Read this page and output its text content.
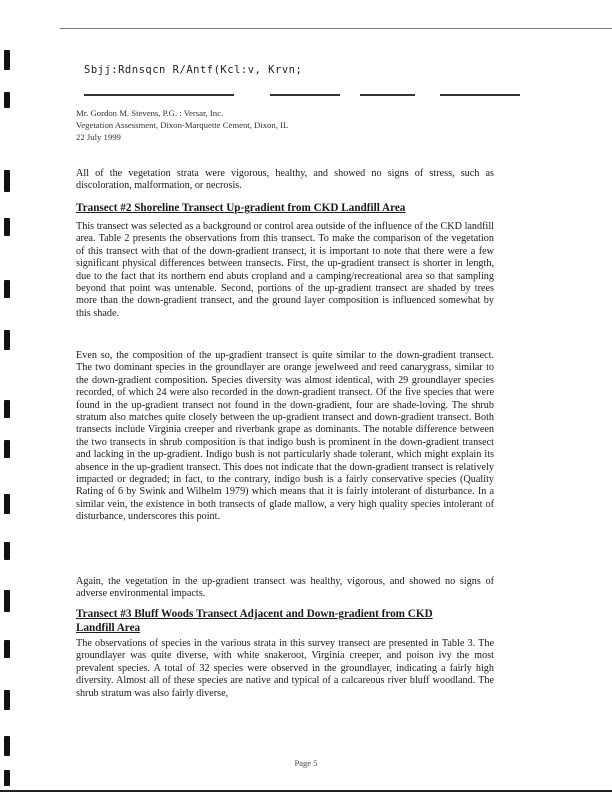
Sbjj:Rdnsqcn R/Antf(Kcl:v, Krvn;
Mr. Gordon M. Stevens, P.G. : Versar, Inc.
Vegetation Assessment, Dixon-Marquette Cement, Dixon, IL
22 July 1999
All of the vegetation strata were vigorous, healthy, and showed no signs of stress, such as discoloration, malformation, or necrosis.
Transect #2 Shoreline Transect Up-gradient from CKD Landfill Area
This transect was selected as a background or control area outside of the influence of the CKD landfill area. Table 2 presents the observations from this transect. To make the comparison of the vegetation of this transect with that of the down-gradient transect, it is important to note that there were a few significant physical differences between transects. First, the up-gradient transect is shorter in length, due to the fact that its northern end abuts cropland and a camping/recreational area so that sampling beyond that point was untenable. Second, portions of the up-gradient transect are shaded by trees more than the down-gradient transect, and the ground layer composition is influenced somewhat by this shade.
Even so, the composition of the up-gradient transect is quite similar to the down-gradient transect. The two dominant species in the groundlayer are orange jewelweed and reed canarygrass, similar to the down-gradient composition. Species diversity was almost identical, with 29 groundlayer species recorded, of which 24 were also recorded in the down-gradient transect. Of the five species that were found in the up-gradient transect not found in the down-gradient, four are shade-loving. The shrub stratum also matches quite closely between the up-gradient transect and down-gradient transect. Both transects include Virginia creeper and riverbank grape as dominants. The notable difference between the two transects in shrub composition is that indigo bush is prominent in the down-gradient transect and lacking in the up-gradient. Indigo bush is not particularly shade tolerant, which might explain its absence in the up-gradient transect. This does not indicate that the down-gradient transect is relatively impacted or degraded; in fact, to the contrary, indigo bush is a fairly conservative species (Quality Rating of 6 by Swink and Wilhelm 1979) which means that it is fairly intolerant of disturbance. In a similar vein, the existence in both transects of glade mallow, a very high quality species intolerant of disturbance, underscores this point.
Again, the vegetation in the up-gradient transect was healthy, vigorous, and showed no signs of adverse environmental impacts.
Transect #3 Bluff Woods Transect Adjacent and Down-gradient from CKD Landfill Area
The observations of species in the various strata in this survey transect are presented in Table 3. The groundlayer was quite diverse, with white snakeroot, Virginia creeper, and poison ivy the most prevalent species. A total of 32 species were observed in the groundlayer, indicating a fairly high diversity. Almost all of these species are native and typical of a calcareous river bluff woodland. The shrub stratum was also fairly diverse,
Page 5
